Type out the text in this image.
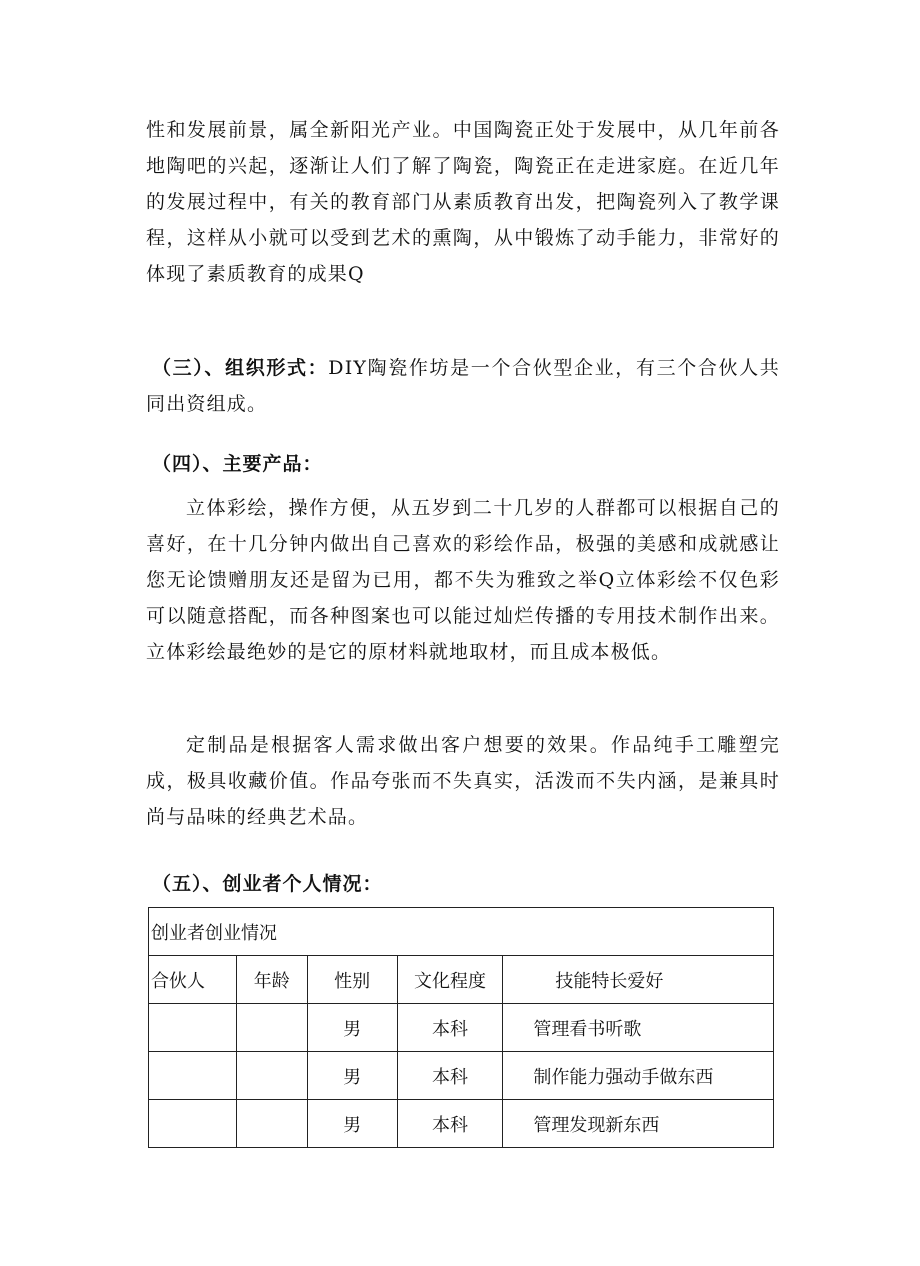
性和发展前景，属全新阳光产业。中国陶瓷正处于发展中，从几年前各地陶吧的兴起，逐渐让人们了解了陶瓷，陶瓷正在走进家庭。在近几年的发展过程中，有关的教育部门从素质教育出发，把陶瓷列入了教学课程，这样从小就可以受到艺术的熏陶，从中锻炼了动手能力，非常好的体现了素质教育的成果Q
（三）、组织形式：DIY陶瓷作坊是一个合伙型企业，有三个合伙人共同出资组成。
（四）、主要产品：
立体彩绘，操作方便，从五岁到二十几岁的人群都可以根据自己的喜好，在十几分钟内做出自己喜欢的彩绘作品，极强的美感和成就感让您无论馈赠朋友还是留为已用，都不失为雅致之举Q立体彩绘不仅色彩可以随意搭配，而各种图案也可以能过灿烂传播的专用技术制作出来。立体彩绘最绝妙的是它的原材料就地取材，而且成本极低。
定制品是根据客人需求做出客户想要的效果。作品纯手工雕塑完成，极具收藏价值。作品夸张而不失真实，活泼而不失内涵，是兼具时尚与品味的经典艺术品。
（五）、创业者个人情况：
创业者创业情况				
合伙人	年龄	性别	文化程度	技能特长爱好
		男	本科	管理看书听歌
		男	本科	制作能力强动手做东西
		男	本科	管理发现新东西
